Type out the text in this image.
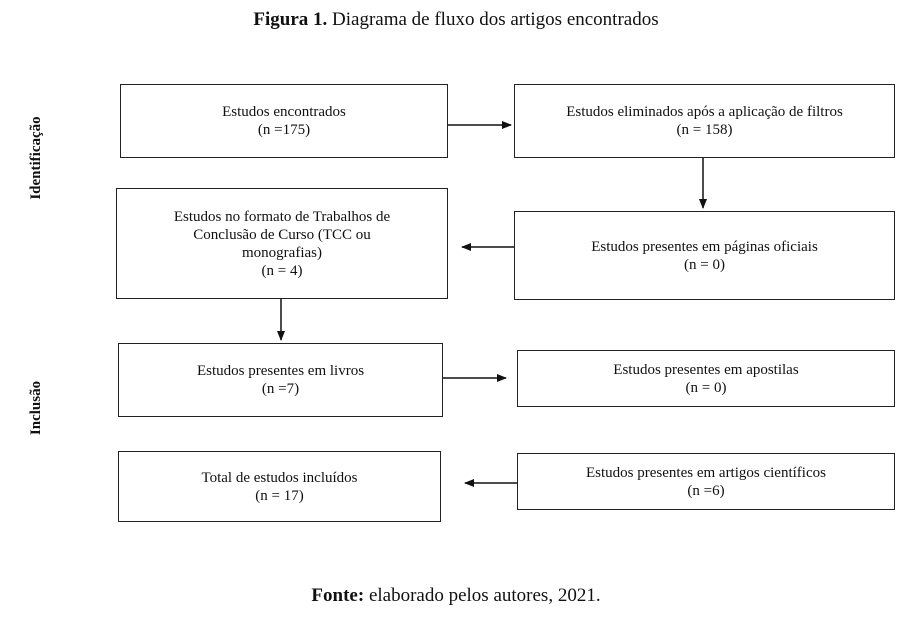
Figura 1. Diagrama de fluxo dos artigos encontrados
Identificação
Inclusão
Estudos encontrados
(n =175)
Estudos eliminados após a aplicação de filtros
(n = 158)
Estudos no formato de Trabalhos de
Conclusão de Curso (TCC ou
monografias)
(n = 4)
Estudos presentes em páginas oficiais
(n = 0)
Estudos presentes em livros
(n =7)
Estudos presentes em apostilas
(n = 0)
Total de estudos incluídos
(n = 17)
Estudos presentes em artigos científicos
(n =6)
Fonte: elaborado pelos autores, 2021.
